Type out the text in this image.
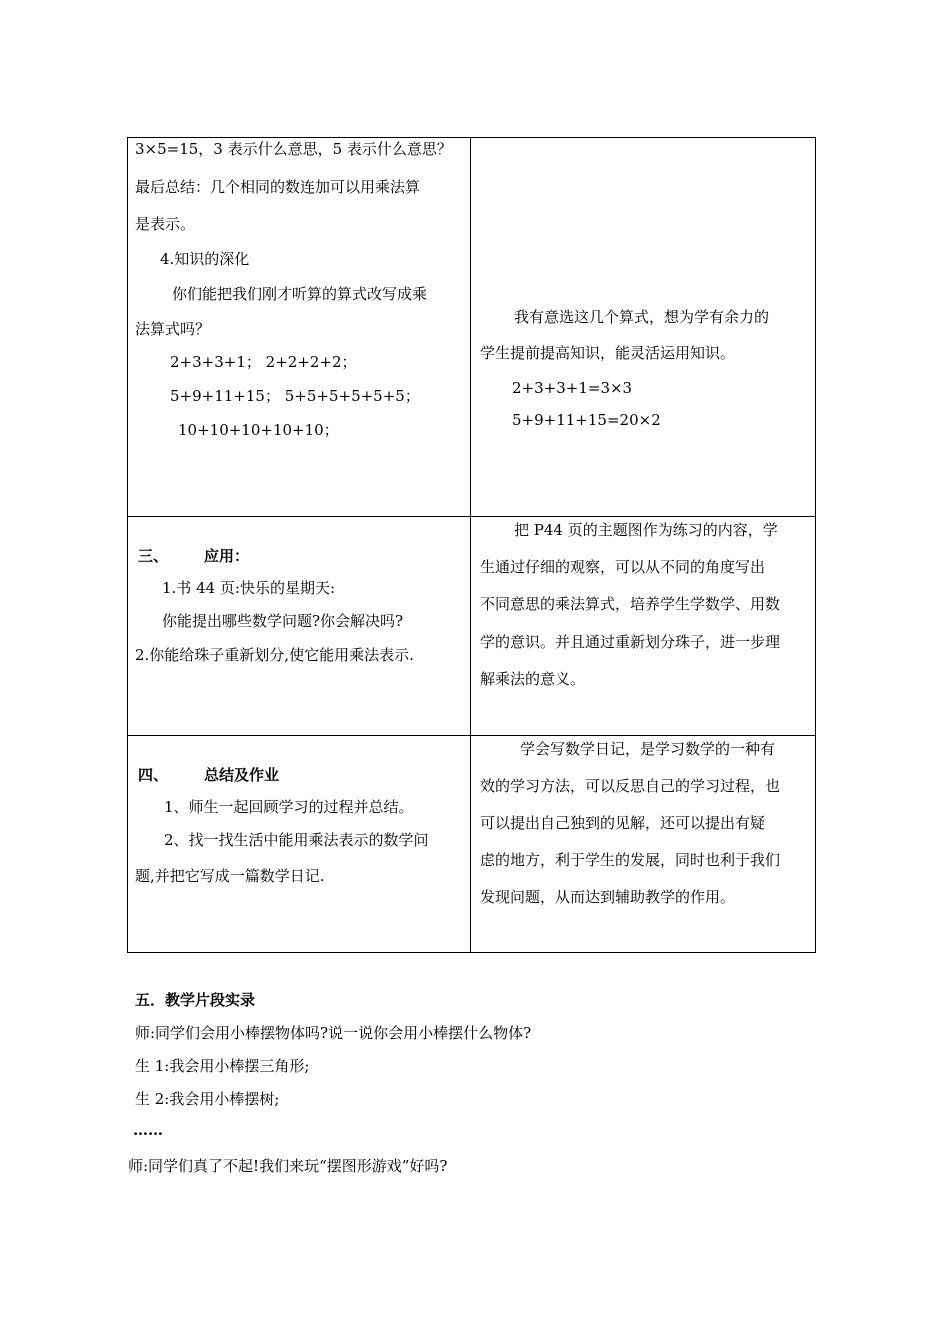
3×5=15，3 表示什么意思，5 表示什么意思？
最后总结：几个相同的数连加可以用乘法算
是表示。
4.知识的深化
你们能把我们刚才听算的算式改写成乘
法算式吗？
2+3+3+1； 2+2+2+2；
5+9+11+15； 5+5+5+5+5+5；
10+10+10+10+10；
我有意选这几个算式，想为学有余力的
学生提前提高知识，能灵活运用知识。
2+3+3+1=3×3
5+9+11+15=20×2
三、 应用：
1.书 44 页:快乐的星期天:
你能提出哪些数学问题?你会解决吗?
2.你能给珠子重新划分,使它能用乘法表示.
把 P44 页的主题图作为练习的内容，学
生通过仔细的观察，可以从不同的角度写出
不同意思的乘法算式，培养学生学数学、用数
学的意识。并且通过重新划分珠子，进一步理
解乘法的意义。
四、 总结及作业
1、师生一起回顾学习的过程并总结。
2、找一找生活中能用乘法表示的数学问
题,并把它写成一篇数学日记.
学会写数学日记，是学习数学的一种有
效的学习方法，可以反思自己的学习过程，也
可以提出自己独到的见解，还可以提出有疑
虑的地方，利于学生的发展，同时也利于我们
发现问题，从而达到辅助教学的作用。
五．教学片段实录
师:同学们会用小棒摆物体吗?说一说你会用小棒摆什么物体?
生 1:我会用小棒摆三角形;
生 2:我会用小棒摆树;
……
师:同学们真了不起!我们来玩“摆图形游戏”好吗?
